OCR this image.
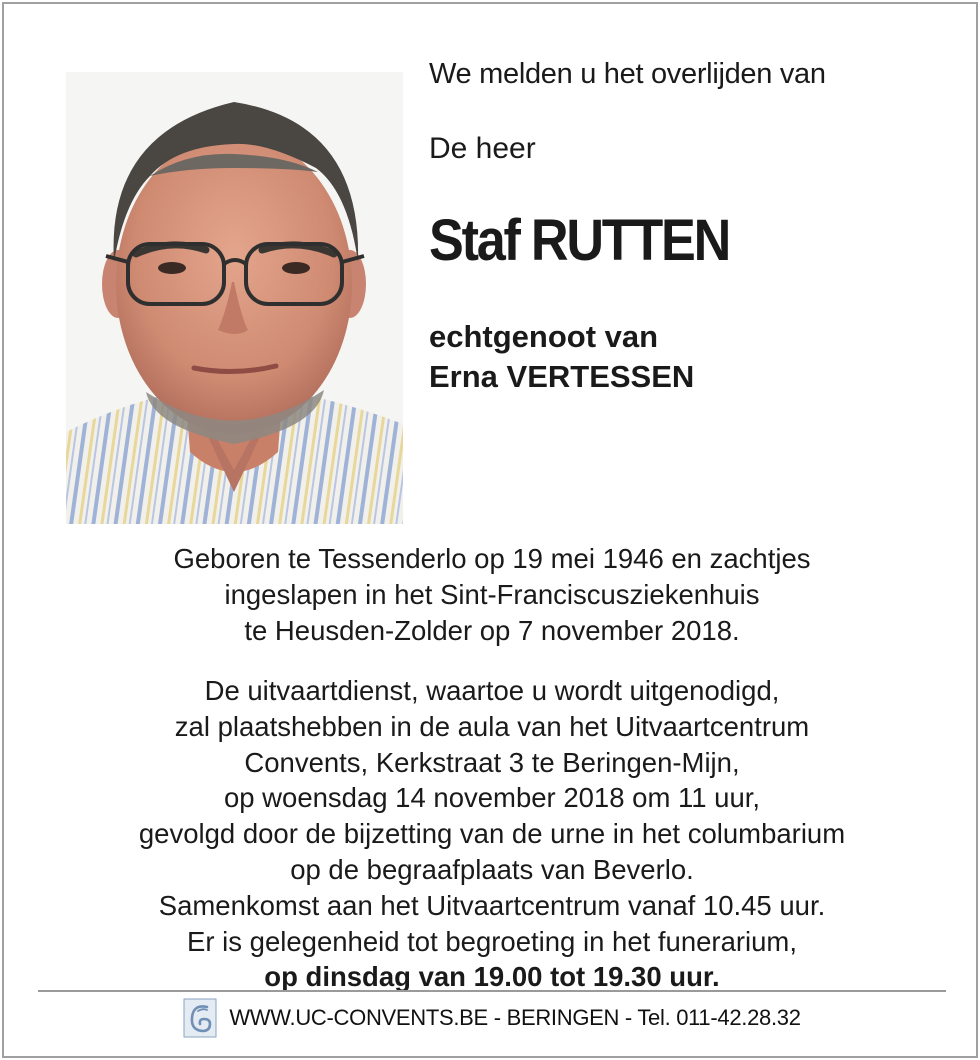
We melden u het overlijden van
De heer
Staf RUTTEN
echtgenoot van
Erna VERTESSEN
Geboren te Tessenderlo op 19 mei 1946 en zachtjes
ingeslapen in het Sint-Franciscusziekenhuis
te Heusden-Zolder op 7 november 2018.
De uitvaartdienst, waartoe u wordt uitgenodigd,
zal plaatshebben in de aula van het Uitvaartcentrum
Convents, Kerkstraat 3 te Beringen-Mijn,
op woensdag 14 november 2018 om 11 uur,
gevolgd door de bijzetting van de urne in het columbarium
op de begraafplaats van Beverlo.
Samenkomst aan het Uitvaartcentrum vanaf 10.45 uur.
Er is gelegenheid tot begroeting in het funerarium,
op dinsdag van 19.00 tot 19.30 uur.
WWW.UC-CONVENTS.BE - BERINGEN - Tel. 011-42.28.32
